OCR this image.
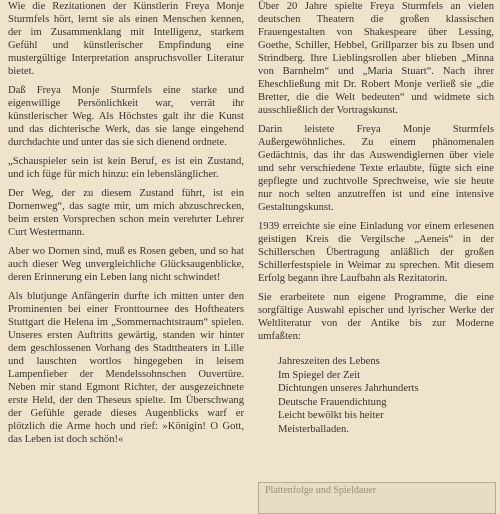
Wie die Rezitationen der Künstlerin Freya Monje Sturmfels hört, lernt sie als einen Menschen kennen, der im Zusammenklang mit Intelligenz, starkem Gefühl und künstlerischer Empfindung eine mustergültige Interpretation anspruchsvoller Literatur bietet.

Daß Freya Monje Sturmfels eine starke und eigenwillige Persönlichkeit war, verrät ihr künstlerischer Weg. Als Höchstes galt ihr die Kunst und das dichterische Werk, das sie lange eingehend durchdachte und unter das sie sich dienend ordnete.

„Schauspieler sein ist kein Beruf, es ist ein Zustand, und ich füge für mich hinzu: ein lebenslänglicher.

Der Weg, der zu diesem Zustand führt, ist ein Dornenweg“, das sagte mir, um mich abzuschrecken, beim ersten Vorsprechen schon mein verehrter Lehrer Curt Westermann.

Aber wo Dornen sind, muß es Rosen geben, und so hat auch dieser Weg unvergleichliche Glücksaugenblicke, deren Erinnerung ein Leben lang nicht schwindet!

Als blutjunge Anfängerin durfte ich mitten unter den Prominenten bei einer Fronttournee des Hoftheaters Stuttgart die Helena im „Sommernachtstraum“ spielen. Unseres ersten Auftritts gewärtig, standen wir hinter dem geschlossenen Vorhang des Stadttheaters in Lille und lauschten wortlos hingegeben in leisem Lampenfieber der Mendelssohnschen Ouvertüre. Neben mir stand Egmont Richter, der ausgezeichnete erste Held, der den Theseus spielte. Im Überschwang der Gefühle gerade dieses Augenblicks warf er plötzlich die Arme hoch und rief: »Königin! O Gott, das Leben ist doch schön!«

Über 20 Jahre spielte Freya Sturmfels an vielen deutschen Theatern die großen klassischen Frauengestalten von Shakespeare über Lessing, Goethe, Schiller, Hebbel, Grillparzer bis zu Ibsen und Strindberg. Ihre Lieblingsrollen aber blieben „Minna von Barnhelm“ und „Maria Stuart“. Nach ihrer Eheschließung mit Dr. Robert Monje verließ sie „die Bretter, die die Welt bedeuten“ und widmete sich ausschließlich der Vortragskunst.

Darin leistete Freya Monje Sturmfels Außergewöhnliches. Zu einem phänomenalen Gedächtnis, das ihr das Auswendiglernen über viele und sehr verschiedene Texte erlaubte, fügte sich eine gepflegte und zuchtvolle Sprechweise, wie sie heute nur noch selten anzutreffen ist und eine intensive Gestaltungskunst.

1939 erreichte sie eine Einladung vor einem erlesenen geistigen Kreis die Vergilsche „Aeneis“ in der Schillerschen Übertragung anläßlich der großen Schillerfestspiele in Weimar zu sprechen. Mit diesem Erfolg begann ihre Laufbahn als Rezitatorin.

Sie erarbeitete nun eigene Programme, die eine sorgfältige Auswahl epischer und lyrischer Werke der Weltliteratur von der Antike bis zur Moderne umfaßten:

Jahreszeiten des Lebens
Im Spiegel der Zeit
Dichtungen unseres Jahrhunderts
Deutsche Frauendichtung
Leicht bewölkt bis heiter
Meisterballaden.
Plattenfolge und Spieldauer
